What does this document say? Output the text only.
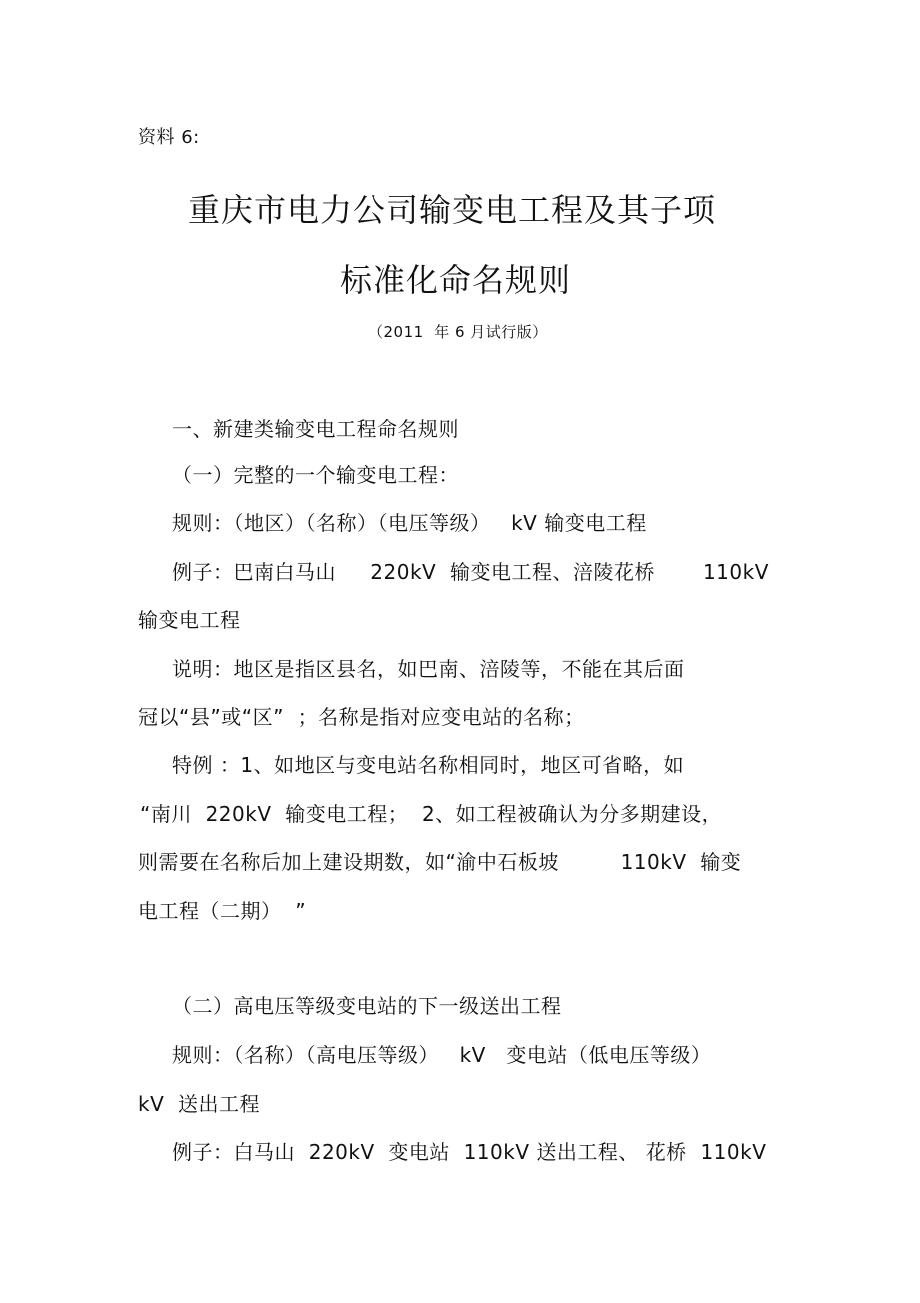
资料 6:
重庆市电力公司输变电工程及其子项
标准化命名规则
（2011  年 6 月试行版）
一、新建类输变电工程命名规则
（一）完整的一个输变电工程：
规则：（地区）（名称）（电压等级）   kV 输变电工程
例子：巴南白马山     220kV  输变电工程、涪陵花桥       110kV
输变电工程
说明：地区是指区县名，如巴南、涪陵等，不能在其后面
冠以“县”或“区”  ；名称是指对应变电站的名称；
特例 ：1、如地区与变电站名称相同时，地区可省略，如
“南川  220kV  输变电工程；  2、如工程被确认为分多期建设，
则需要在名称后加上建设期数，如“渝中石板坡         110kV  输变
电工程（二期）  ”
（二）高电压等级变电站的下一级送出工程
规则：（名称）（高电压等级）   kV   变电站（低电压等级）
kV  送出工程
例子：白马山  220kV  变电站  110kV 送出工程、 花桥  110kV
